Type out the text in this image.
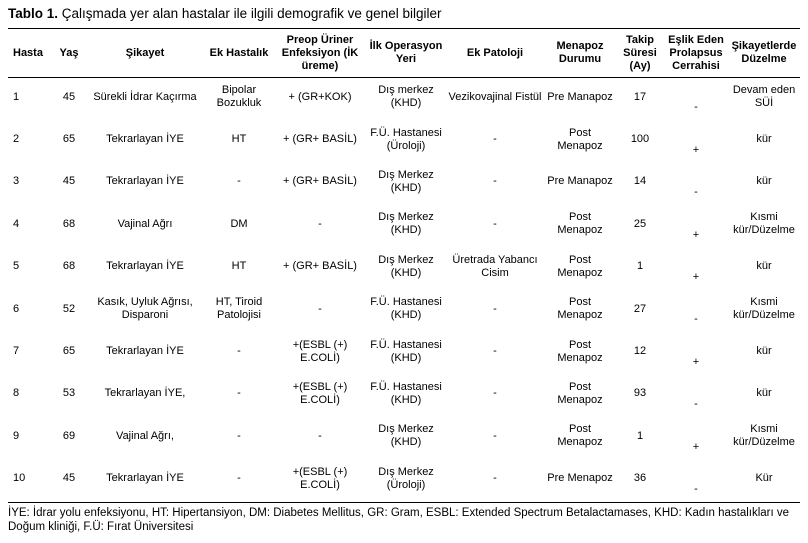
Tablo 1. Çalışmada yer alan hastalar ile ilgili demografik ve genel bilgiler
Hasta	Yaş	Şikayet	Ek Hastalık	Preop Üriner Enfeksiyon (İK üreme)	İlk Operasyon Yeri	Ek Patoloji	Menapoz Durumu	Takip Süresi (Ay)	Eşlik Eden Prolapsus Cerrahisi	Şikayetlerde Düzelme
1	45	Sürekli İdrar Kaçırma	Bipolar Bozukluk	+ (GR+KOK)	Dış merkez (KHD)	Vezikovajinal Fistül	Pre Manapoz	17	-	Devam eden SÜİ
2	65	Tekrarlayan İYE	HT	+ (GR+ BASİL)	F.Ü. Hastanesi (Üroloji)	-	Post Menapoz	100	+	kür
3	45	Tekrarlayan İYE	-	+ (GR+ BASİL)	Dış Merkez (KHD)	-	Pre Manapoz	14	-	kür
4	68	Vajinal Ağrı	DM	-	Dış Merkez (KHD)	-	Post Menapoz	25	+	Kısmi kür/Düzelme
5	68	Tekrarlayan İYE	HT	+ (GR+ BASİL)	Dış Merkez (KHD)	Üretrada Yabancı Cisim	Post Menapoz	1	+	kür
6	52	Kasık, Uyluk Ağrısı, Disparoni	HT, Tiroid Patolojisi	-	F.Ü. Hastanesi (KHD)	-	Post Menapoz	27	-	Kısmi kür/Düzelme
7	65	Tekrarlayan İYE	-	+(ESBL (+) E.COLİ)	F.Ü. Hastanesi (KHD)	-	Post Menapoz	12	+	kür
8	53	Tekrarlayan İYE,	-	+(ESBL (+) E.COLİ)	F.Ü. Hastanesi (KHD)	-	Post Menapoz	93	-	kür
9	69	Vajinal Ağrı,	-	-	Dış Merkez (KHD)	-	Post Menapoz	1	+	Kısmi kür/Düzelme
10	45	Tekrarlayan İYE	-	+(ESBL (+) E.COLİ)	Dış Merkez (Üroloji)	-	Pre Menapoz	36	-	Kür
İYE: İdrar yolu enfeksiyonu, HT: Hipertansiyon, DM: Diabetes Mellitus, GR: Gram, ESBL: Extended Spectrum Betalactamases, KHD: Kadın hastalıkları ve Doğum kliniği, F.Ü: Fırat Üniversitesi
